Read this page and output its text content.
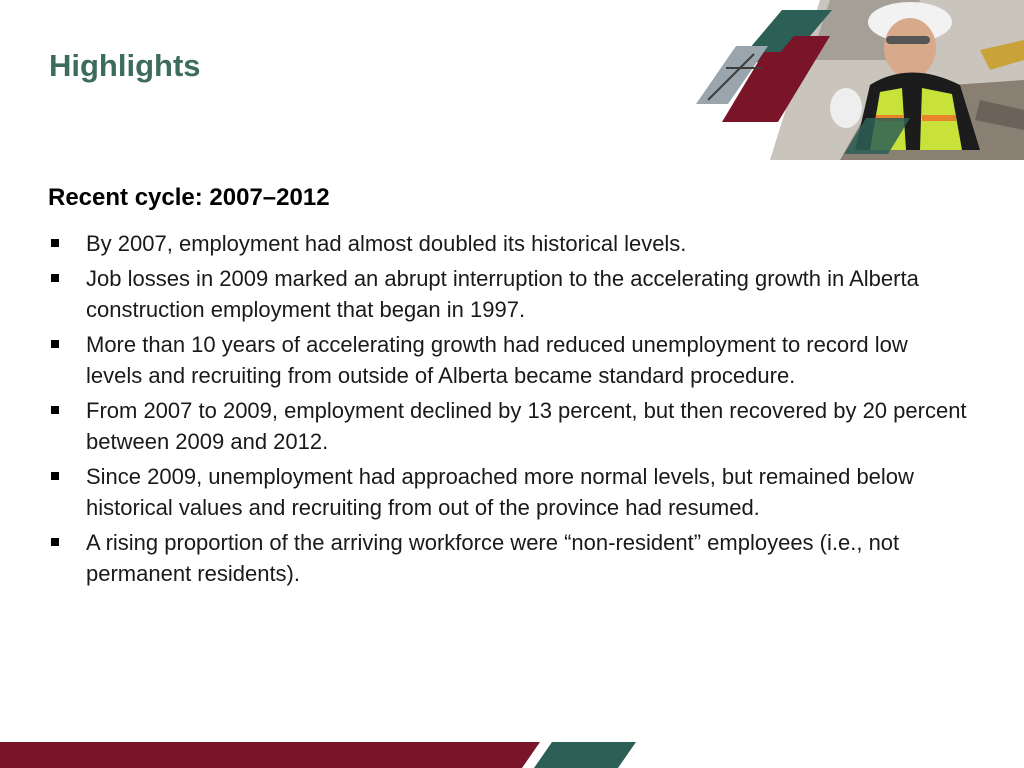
Highlights
Recent cycle: 2007–2012
By 2007, employment had almost doubled its historical levels.
Job losses in 2009 marked an abrupt interruption to the accelerating growth in Alberta construction employment that began in 1997.
More than 10 years of accelerating growth had reduced unemployment to record low levels and recruiting from outside of Alberta became standard procedure.
From 2007 to 2009, employment declined by 13 percent, but then recovered by 20 percent between 2009 and 2012.
Since 2009, unemployment had approached more normal levels, but remained below historical values and recruiting from out of the province had resumed.
A rising proportion of the arriving workforce were “non-resident” employees (i.e., not permanent residents).
